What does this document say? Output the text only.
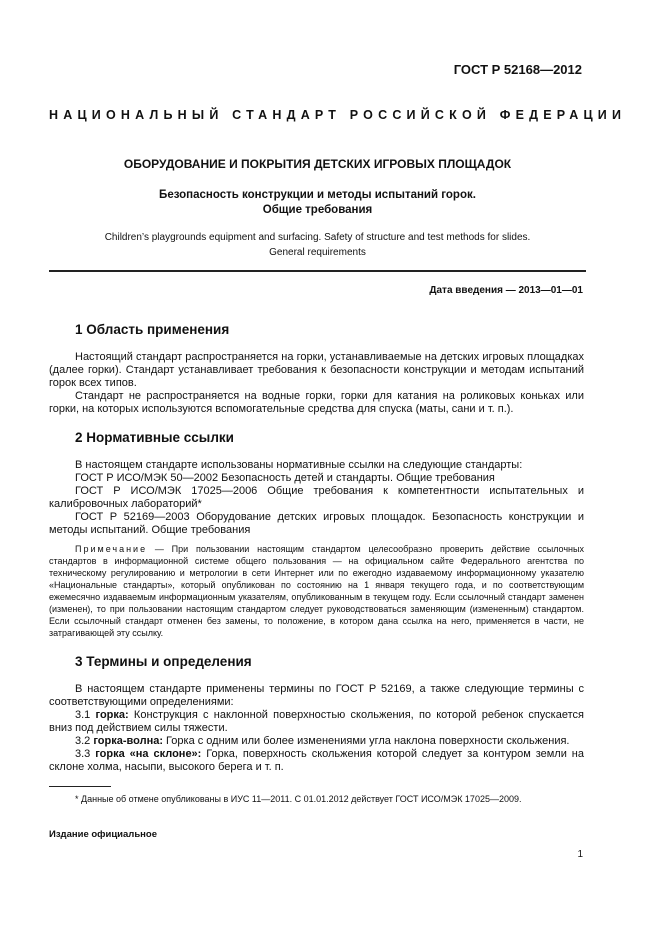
ГОСТ Р 52168—2012
НАЦИОНАЛЬНЫЙ СТАНДАРТ РОССИЙСКОЙ ФЕДЕРАЦИИ
ОБОРУДОВАНИЕ И ПОКРЫТИЯ ДЕТСКИХ ИГРОВЫХ ПЛОЩАДОК
Безопасность конструкции и методы испытаний горок.
Общие требования
Children’s playgrounds equipment and surfacing. Safety of structure and test methods for slides.
General requirements
Дата введения — 2013—01—01
1 Область применения
Настоящий стандарт распространяется на горки, устанавливаемые на детских игровых площадках (далее горки). Стандарт устанавливает требования к безопасности конструкции и методам испытаний горок всех типов.
Стандарт не распространяется на водные горки, горки для катания на роликовых коньках или горки, на которых используются вспомогательные средства для спуска (маты, сани и т. п.).
2 Нормативные ссылки
В настоящем стандарте использованы нормативные ссылки на следующие стандарты:
ГОСТ Р ИСО/МЭК 50—2002 Безопасность детей и стандарты. Общие требования
ГОСТ Р ИСО/МЭК 17025—2006 Общие требования к компетентности испытательных и калибровочных лабораторий*
ГОСТ Р 52169—2003 Оборудование детских игровых площадок. Безопасность конструкции и методы испытаний. Общие требования
Примечание — При пользовании настоящим стандартом целесообразно проверить действие ссылочных стандартов в информационной системе общего пользования — на официальном сайте Федерального агентства по техническому регулированию и метрологии в сети Интернет или по ежегодно издаваемому информационному указателю «Национальные стандарты», который опубликован по состоянию на 1 января текущего года, и по соответствующим ежемесячно издаваемым информационным указателям, опубликованным в текущем году. Если ссылочный стандарт заменен (изменен), то при пользовании настоящим стандартом следует руководствоваться заменяющим (измененным) стандартом. Если ссылочный стандарт отменен без замены, то положение, в котором дана ссылка на него, применяется в части, не затрагивающей эту ссылку.
3 Термины и определения
В настоящем стандарте применены термины по ГОСТ Р 52169, а также следующие термины с соответствующими определениями:
3.1 горка: Конструкция с наклонной поверхностью скольжения, по которой ребенок спускается вниз под действием силы тяжести.
3.2 горка-волна: Горка с одним или более изменениями угла наклона поверхности скольжения.
3.3 горка «на склоне»: Горка, поверхность скольжения которой следует за контуром земли на склоне холма, насыпи, высокого берега и т. п.
* Данные об отмене опубликованы в ИУС 11—2011. С 01.01.2012 действует ГОСТ ИСО/МЭК 17025—2009.
Издание официальное
1
